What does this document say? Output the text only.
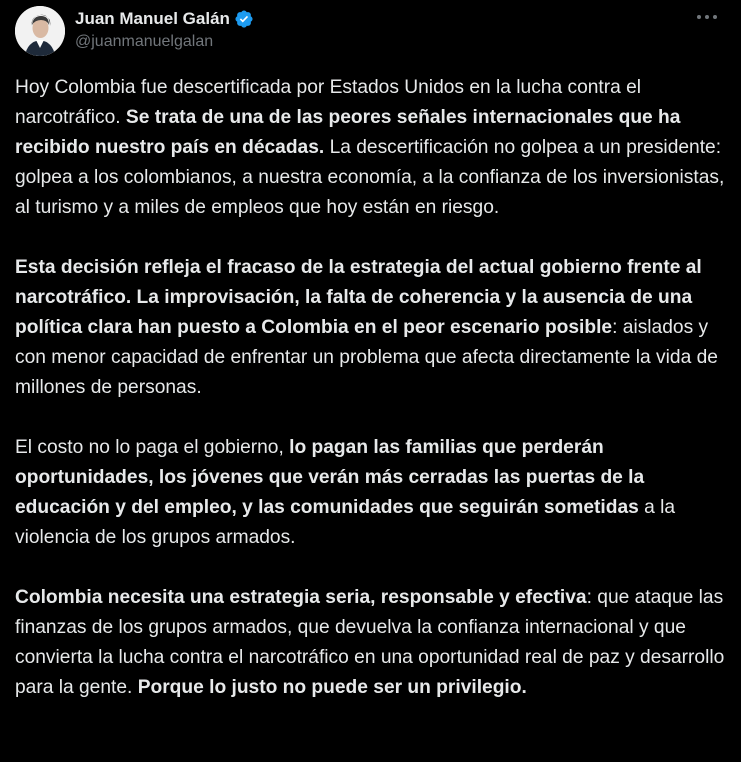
Juan Manuel Galán
@juanmanuelgalan

Hoy Colombia fue descertificada por Estados Unidos en la lucha contra el narcotráfico. Se trata de una de las peores señales internacionales que ha recibido nuestro país en décadas. La descertificación no golpea a un presidente: golpea a los colombianos, a nuestra economía, a la confianza de los inversionistas, al turismo y a miles de empleos que hoy están en riesgo.

Esta decisión refleja el fracaso de la estrategia del actual gobierno frente al narcotráfico. La improvisación, la falta de coherencia y la ausencia de una política clara han puesto a Colombia en el peor escenario posible: aislados y con menor capacidad de enfrentar un problema que afecta directamente la vida de millones de personas.

El costo no lo paga el gobierno, lo pagan las familias que perderán oportunidades, los jóvenes que verán más cerradas las puertas de la educación y del empleo, y las comunidades que seguirán sometidas a la violencia de los grupos armados.

Colombia necesita una estrategia seria, responsable y efectiva: que ataque las finanzas de los grupos armados, que devuelva la confianza internacional y que convierta la lucha contra el narcotráfico en una oportunidad real de paz y desarrollo para la gente. Porque lo justo no puede ser un privilegio.
